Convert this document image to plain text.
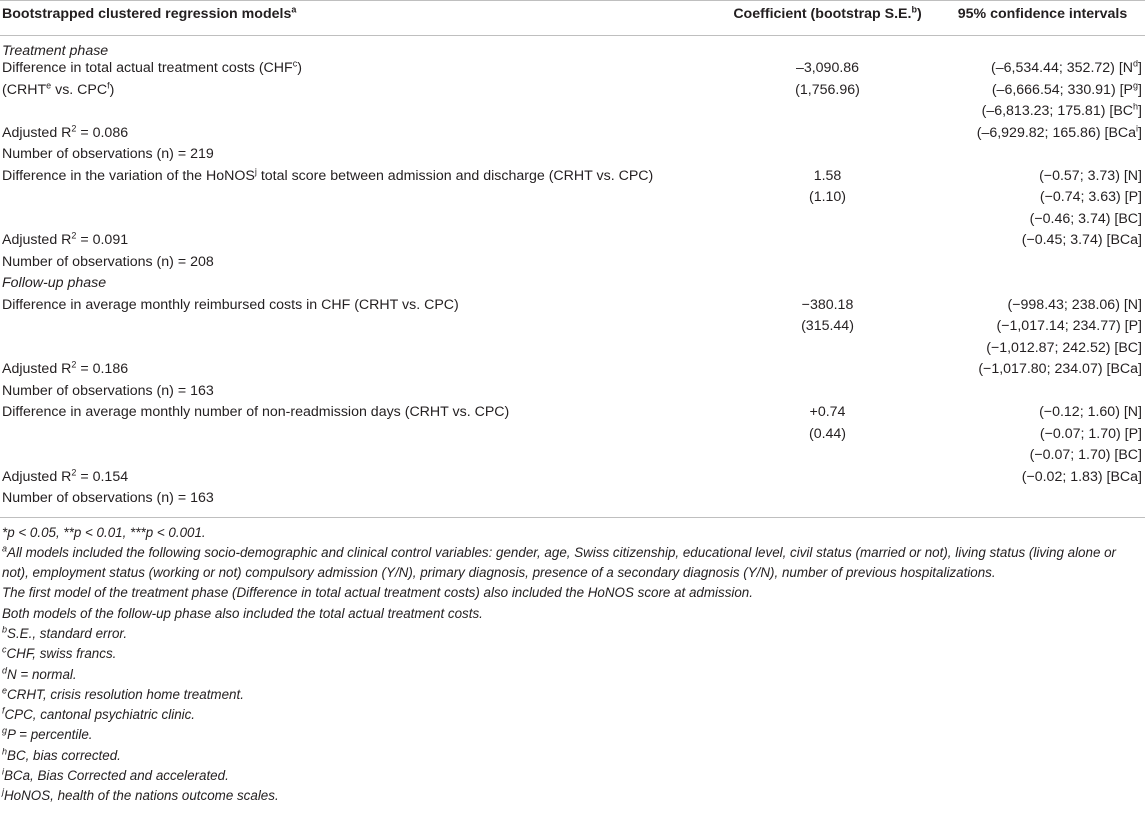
Bootstrapped clustered regression models$^a$	Coefficient (bootstrap S.E.$^b$)	95% confidence intervals
Treatment phase		
Difference in total actual treatment costs (CHF$^c$)	–3,090.86	(–6,534.44; 352.72) $[N^d]$
(CRHT$^e$ vs. CPC$^f$)	(1,756.96)	(–6,666.54; 330.91) $[P^g]$
		(–6,813.23; 175.81) $[BC^h]$
Adjusted $R^2 = 0.086$		(–6,929.82; 165.86) [BCa$^i$]
Number of observations (n) = 219		
Difference in the variation of the HoNOS$^j$ total score between admission and discharge (CRHT vs. CPC)	1.58	(−0.57; 3.73) [N]
	(1.10)	(−0.74; 3.63) [P]
		(−0.46; 3.74) [BC]
Adjusted $R^2 = 0.091$		(−0.45; 3.74) [BCa]
Number of observations (n) = 208		
Follow-up phase		
Difference in average monthly reimbursed costs in CHF (CRHT vs. CPC)	−380.18	(−998.43; 238.06) [N]
	(315.44)	(−1,017.14; 234.77) [P]
		(−1,012.87; 242.52) [BC]
Adjusted $R^2 = 0.186$		(−1,017.80; 234.07) [BCa]
Number of observations (n) = 163		
Difference in average monthly number of non-readmission days (CRHT vs. CPC)	+0.74	(−0.12; 1.60) [N]
	(0.44)	(−0.07; 1.70) [P]
		(−0.07; 1.70) [BC]
Adjusted $R^2 = 0.154$		(−0.02; 1.83) [BCa]
Number of observations (n) = 163		
*p < 0.05, **p < 0.01, ***p < 0.001.
$^a$All models included the following socio-demographic and clinical control variables: gender, age, Swiss citizenship, educational level, civil status (married or not), living status (living alone or
not), employment status (working or not) compulsory admission (Y/N), primary diagnosis, presence of a secondary diagnosis (Y/N), number of previous hospitalizations.
The first model of the treatment phase (Difference in total actual treatment costs) also included the HoNOS score at admission.
Both models of the follow-up phase also included the total actual treatment costs.
$^b$S.E., standard error.
$^c$CHF, swiss francs.
$^d$N = normal.
$^e$CRHT, crisis resolution home treatment.
$^f$CPC, cantonal psychiatric clinic.
$^g$P = percentile.
$^h$BC, bias corrected.
$^i$BCa, Bias Corrected and accelerated.
$^j$HoNOS, health of the nations outcome scales.
